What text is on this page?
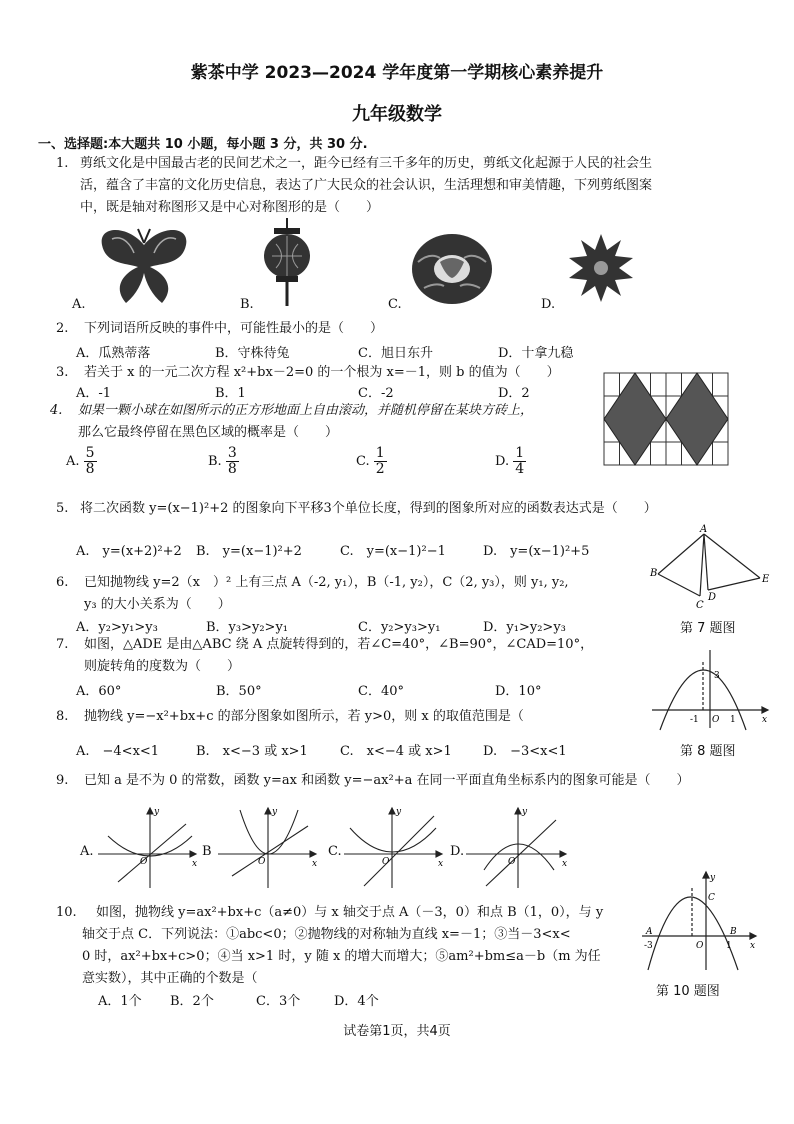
紫茶中学 2023—2024 学年度第一学期核心素养提升
九年级数学
一、选择题:本大题共 10 小题，每小题 3 分，共 30 分.
1. 剪纸文化是中国最古老的民间艺术之一，距今已经有三千多年的历史，剪纸文化起源于人民的社会生
活，蕴含了丰富的文化历史信息，表达了广大民众的社会认识，生活理想和审美情趣，下列剪纸图案
中，既是轴对称图形又是中心对称图形的是（　　）
A.	B.	C.	D.
2. 下列词语所反映的事件中，可能性最小的是（　　）
A．瓜熟蒂落	B．守株待兔	C．旭日东升	D．十拿九稳
3. 若关于 x 的一元二次方程 x²+bx－2=0 的一个根为 x=－1，则 b 的值为（　　）
A．-1	B．1	C．-2	D．2
4. 如果一颗小球在如图所示的正方形地面上自由滚动，并随机停留在某块方砖上，
那么它最终停留在黑色区域的概率是（　　）
A. $\frac{5}{8}$	B. $\frac{3}{8}$	C. $\frac{1}{2}$	D. $\frac{1}{4}$
5. 将二次函数 y=(x−1)²+2 的图象向下平移3个单位长度，得到的图象所对应的函数表达式是（　　）
A.　y=(x+2)²+2 B.　y=(x−1)²+2	C.　y=(x−1)²−1	D.　y=(x−1)²+5
A
B
C
D
E
第 7 题图
6. 已知抛物线 y=2（x　）² 上有三点 A（-2, y₁），B（-1, y₂），C（2, y₃），则 y₁, y₂,
y₃ 的大小关系为（　　）
A．y₂>y₁>y₃	B．y₃>y₂>y₁	C．y₂>y₃>y₁	D．y₁>y₂>y₃
7. 如图，△ADE 是由△ABC 绕 A 点旋转得到的，若∠C=40°，∠B=90°，∠CAD=10°，
则旋转角的度数为（　　）
A．60°	B．50°	C．40°	D．10°
-1 O 1	x
3
第 8 题图
8. 抛物线 y=−x²+bx+c 的部分图象如图所示，若 y>0，则 x 的取值范围是（
A.　−4<x<1	B.　x<−3 或 x>1 C.　x<−4 或 x>1 D.　−3<x<1
9. 已知 a 是不为 0 的常数，函数 y=ax 和函数 y=−ax²+a 在同一平面直角坐标系内的图象可能是（　　）
A.
y
x
O
B
y
x
O
C.
y
x
O
D.
y
x
O
10. 如图，抛物线 y=ax²+bx+c（a≠0）与 x 轴交于点 A（－3，0）和点 B（1，0），与 y
轴交于点 C．下列说法：①abc<0；②抛物线的对称轴为直线 x=－1；③当－3<x<
0 时，ax²+bx+c>0；④当 x>1 时，y 随 x 的增大而增大；⑤am²+bm≤a－b（m 为任
意实数），其中正确的个数是（
A．1个 B．2个	C．3个	D．4个
A
-3	O
B
1
C
x
y
第 10 题图
试卷第1页，共4页
